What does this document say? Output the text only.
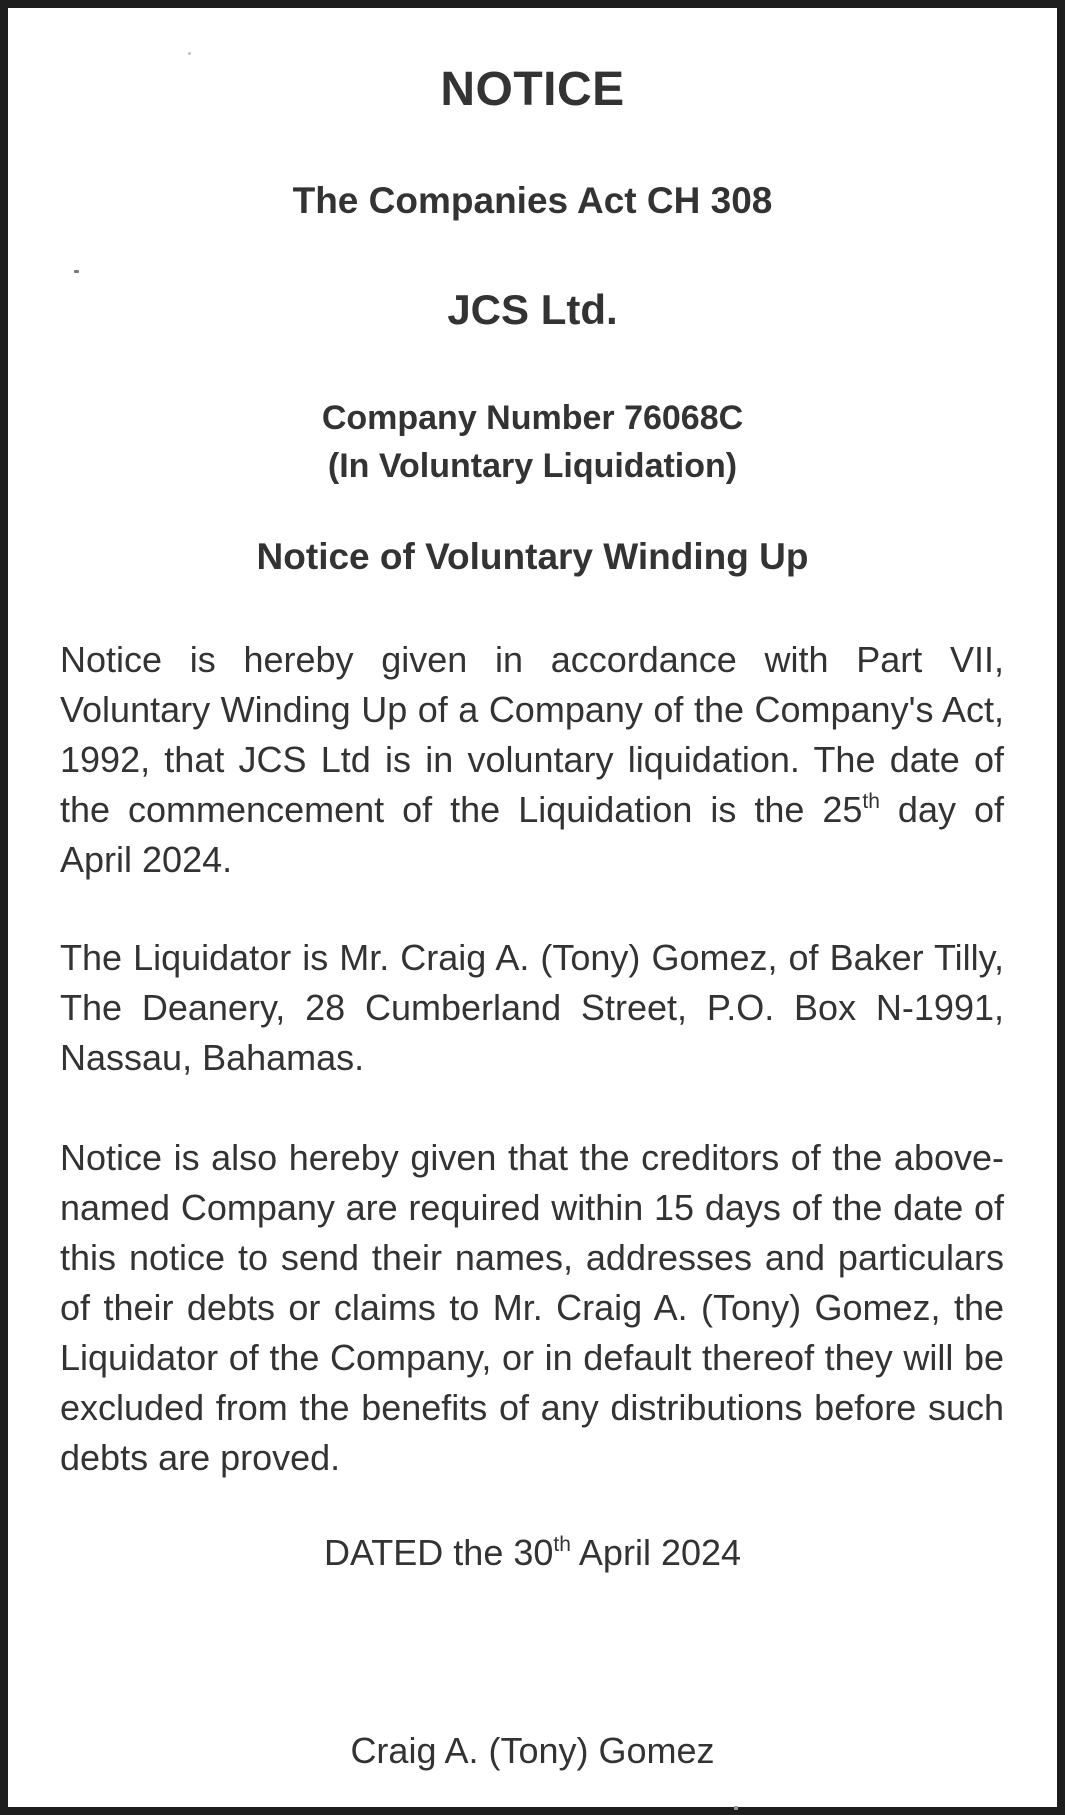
NOTICE
The Companies Act CH 308
JCS Ltd.
Company Number 76068C
(In Voluntary Liquidation)
Notice of Voluntary Winding Up

Notice is hereby given in accordance with Part VII, Voluntary Winding Up of a Company of the Company's Act, 1992, that JCS Ltd is in voluntary liquidation. The date of the commencement of the Liquidation is the 25th day of April 2024.

The Liquidator is Mr. Craig A. (Tony) Gomez, of Baker Tilly, The Deanery, 28 Cumberland Street, P.O. Box N-1991, Nassau, Bahamas.

Notice is also hereby given that the creditors of the above-named Company are required within 15 days of the date of this notice to send their names, addresses and particulars of their debts or claims to Mr. Craig A. (Tony) Gomez, the Liquidator of the Company, or in default thereof they will be excluded from the benefits of any distributions before such debts are proved.

DATED the 30th April 2024
Craig A. (Tony) Gomez
